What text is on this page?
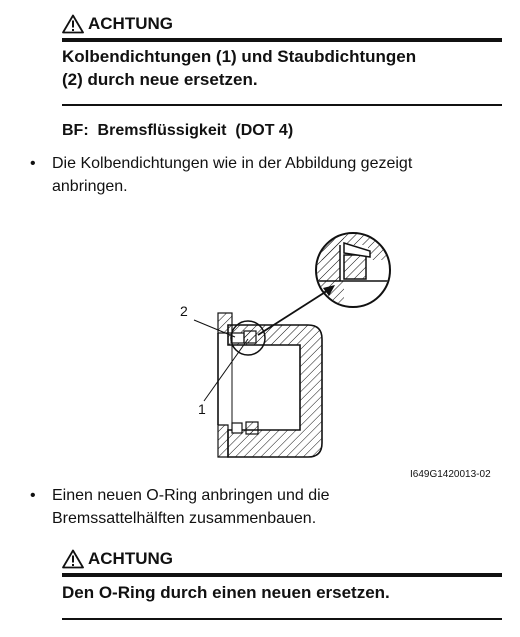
ACHTUNG
Kolbendichtungen (1) und Staubdichtungen
(2) durch neue ersetzen.
BF:  Bremsflüssigkeit  (DOT 4)
• Die Kolbendichtungen wie in der Abbildung gezeigt
anbringen.
2
1
I649G1420013-02
• Einen neuen O-Ring anbringen und die
Bremssattelhälften zusammenbauen.
ACHTUNG
Den O-Ring durch einen neuen ersetzen.
